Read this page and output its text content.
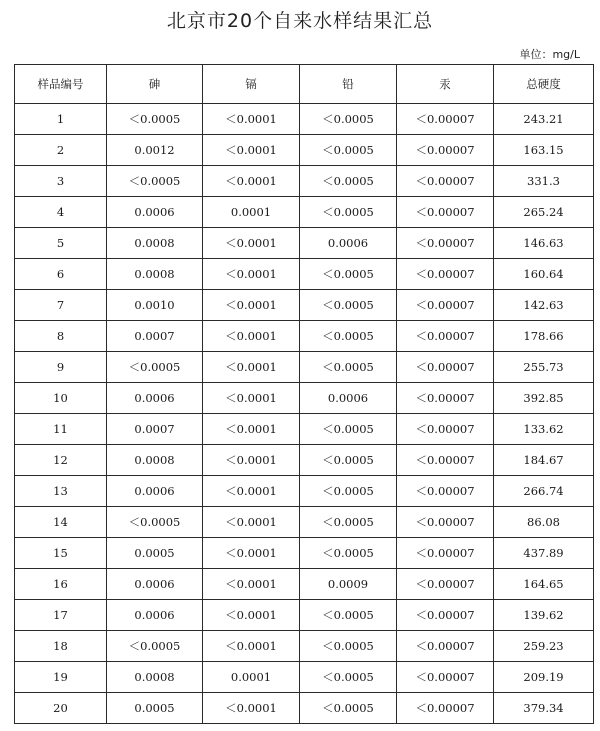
北京市20个自来水样结果汇总
单位：mg/L
样品编号	砷	镉	铅	汞	总硬度
1	＜0.0005	＜0.0001	＜0.0005	＜0.00007	243.21
2	0.0012	＜0.0001	＜0.0005	＜0.00007	163.15
3	＜0.0005	＜0.0001	＜0.0005	＜0.00007	331.3
4	0.0006	0.0001	＜0.0005	＜0.00007	265.24
5	0.0008	＜0.0001	0.0006	＜0.00007	146.63
6	0.0008	＜0.0001	＜0.0005	＜0.00007	160.64
7	0.0010	＜0.0001	＜0.0005	＜0.00007	142.63
8	0.0007	＜0.0001	＜0.0005	＜0.00007	178.66
9	＜0.0005	＜0.0001	＜0.0005	＜0.00007	255.73
10	0.0006	＜0.0001	0.0006	＜0.00007	392.85
11	0.0007	＜0.0001	＜0.0005	＜0.00007	133.62
12	0.0008	＜0.0001	＜0.0005	＜0.00007	184.67
13	0.0006	＜0.0001	＜0.0005	＜0.00007	266.74
14	＜0.0005	＜0.0001	＜0.0005	＜0.00007	86.08
15	0.0005	＜0.0001	＜0.0005	＜0.00007	437.89
16	0.0006	＜0.0001	0.0009	＜0.00007	164.65
17	0.0006	＜0.0001	＜0.0005	＜0.00007	139.62
18	＜0.0005	＜0.0001	＜0.0005	＜0.00007	259.23
19	0.0008	0.0001	＜0.0005	＜0.00007	209.19
20	0.0005	＜0.0001	＜0.0005	＜0.00007	379.34
